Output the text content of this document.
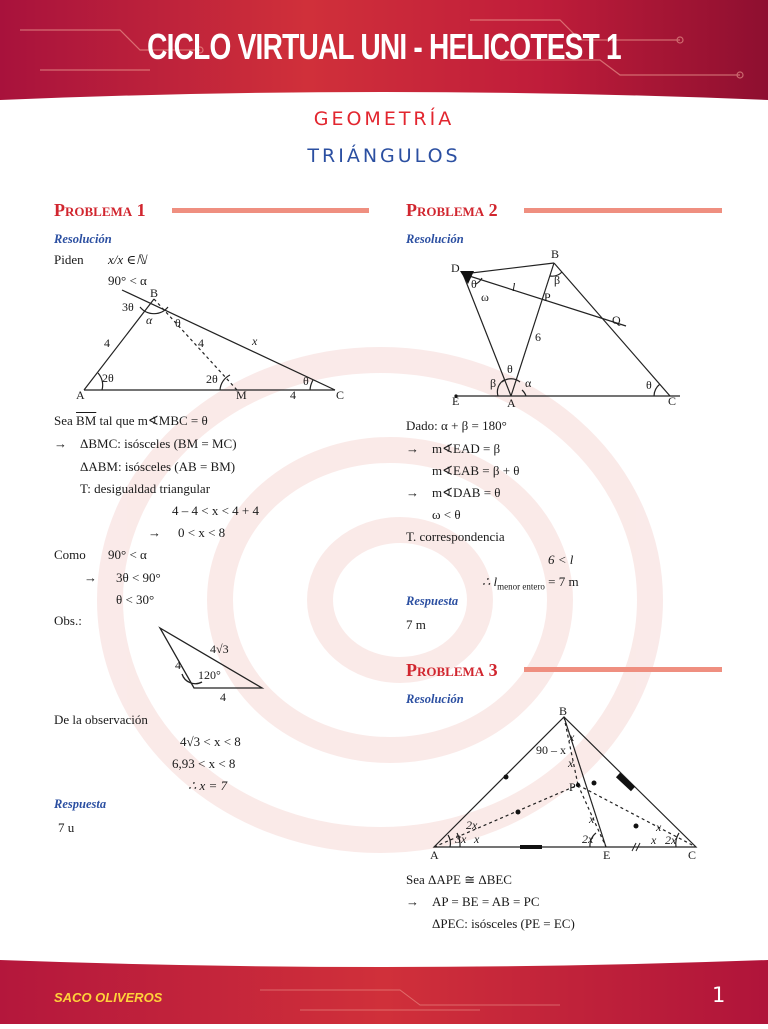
CICLO VIRTUAL UNI - HELICOTEST 1
GEOMETRÍA
TRIÁNGULOS
Problema 1
Resolución
Piden x/x ∈ℕ
90° < α
B
3θ
α θ
4	4	x
2θ	2θ	θ
A	M	4	C
Sea $\overline{BM}$ tal que m∢MBC = θ
→ ΔBMC: isósceles (BM = MC)
ΔABM: isósceles (AB = BM)
T: desigualdad triangular
4 – 4 < x < 4 + 4
→ 0 < x < 8
Como 90° < α
→ 3θ < 90°
θ < 30°
Obs.:
4√3
4
120°
4
De la observación
4√3 < x < 8
6,93 < x < 8
∴ x = 7
Respuesta
7 u
Problema 2
Resolución
B
D
θ
ω
l	β
P
Q
6
θ
β α	θ
E	A	C
Dado: α + β = 180°
→ m∢EAD = β
m∢EAB = β + θ
→ m∢DAB = θ
ω < θ
T. correspondencia
6 < l
∴ $l_{menor entero} = 7$ m
Respuesta
7 m
Problema 3
Resolución
B
x
90 – x
x
P
x
2x
3x x	2x
x
x 2x
A	E	C
Sea ΔAPE ≅ ΔBEC
→ AP = BE = AB = PC
ΔPEC: isósceles (PE = EC)
SACO OLIVEROS	1
